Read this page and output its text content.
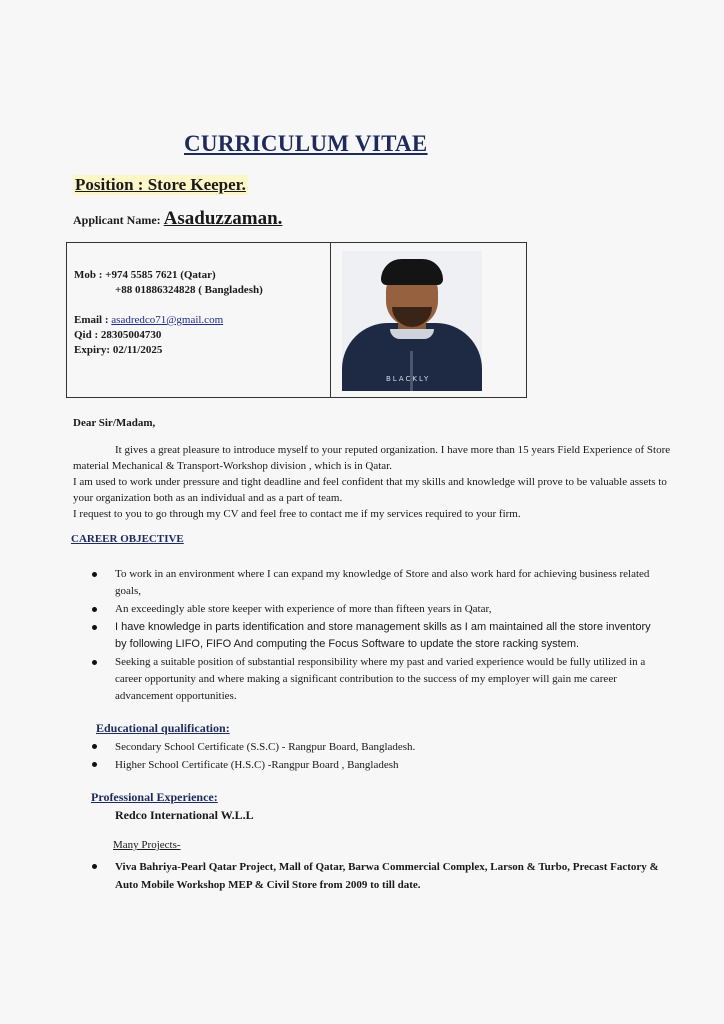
CURRICULUM VITAE
Position : Store Keeper.
Applicant Name: Asaduzzaman.
Mob : +974 5585 7621 (Qatar)
+88 01886324828 ( Bangladesh)
Email : asadredco71@gmail.com
Qid : 28305004730
Expiry: 02/11/2025
BLACKLY

Dear Sir/Madam,

It gives a great pleasure to introduce myself to your reputed organization. I have more than 15 years Field Experience of Store material Mechanical & Transport-Workshop division , which is in Qatar.

I am used to work under pressure and tight deadline and feel confident that my skills and knowledge will prove to be valuable assets to your organization both as an individual and as a part of team.

I request to you to go through my CV and feel free to contact me if my services required to your firm.

CAREER OBJECTIVE
To work in an environment where I can expand my knowledge of Store and also work hard for achieving business related goals,
An exceedingly able store keeper with experience of more than fifteen years in Qatar,
I have knowledge in parts identification and store management skills as I am maintained all the store inventory by following LIFO, FIFO And computing the Focus Software to update the store racking system.
Seeking a suitable position of substantial responsibility where my past and varied experience would be fully utilized in a career opportunity and where making a significant contribution to the success of my employer will gain me career advancement opportunities.
Educational qualification:
Secondary School Certificate (S.S.C) - Rangpur Board, Bangladesh.
Higher School Certificate (H.S.C) -Rangpur Board , Bangladesh
Professional Experience:

Redco International W.L.L

Many Projects-

Viva Bahriya-Pearl Qatar Project, Mall of Qatar, Barwa Commercial Complex, Larson & Turbo, Precast Factory & Auto Mobile Workshop MEP & Civil Store from 2009 to till date.
